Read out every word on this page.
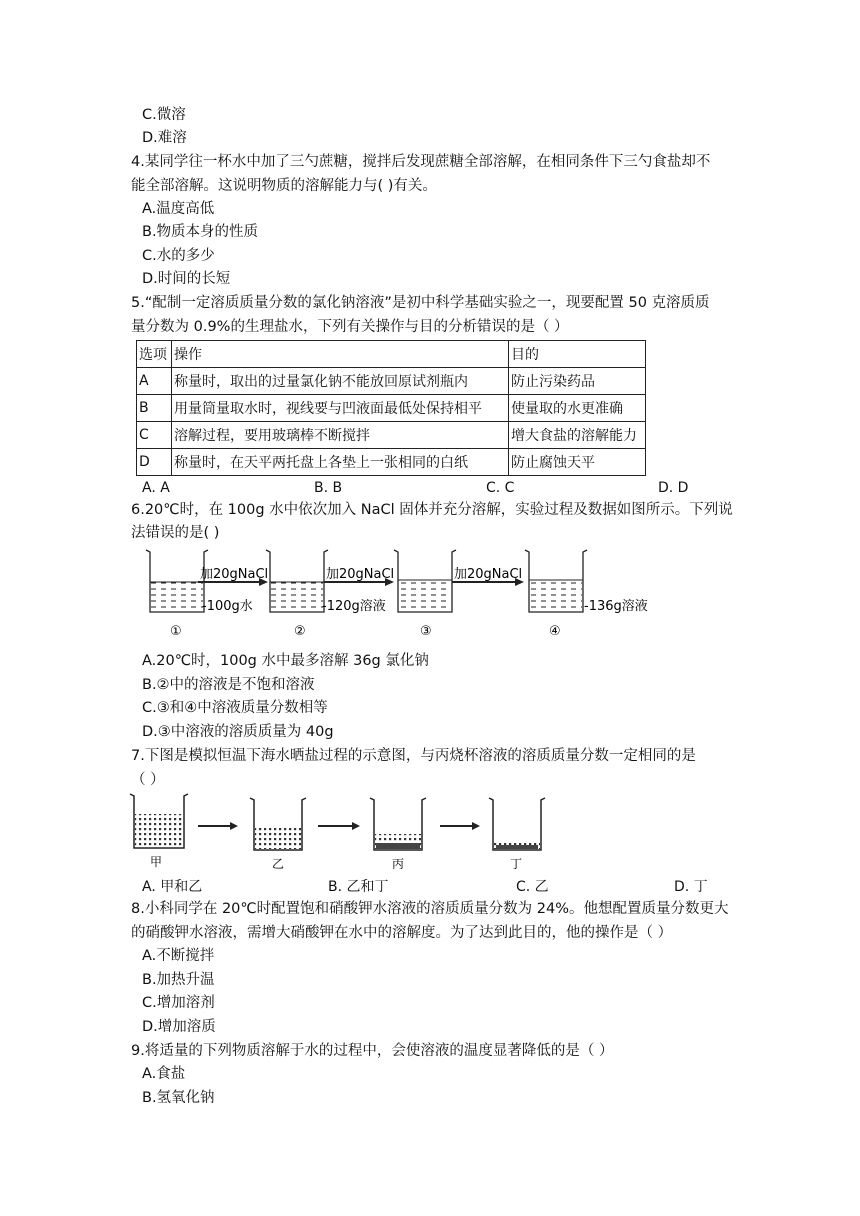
C.微溶
D.难溶
4.某同学往一杯水中加了三勺蔗糖，搅拌后发现蔗糖全部溶解，在相同条件下三勺食盐却不
能全部溶解。这说明物质的溶解能力与( )有关。
A.温度高低
B.物质本身的性质
C.水的多少
D.时间的长短
5.“配制一定溶质质量分数的氯化钠溶液”是初中科学基础实验之一，现要配置 50 克溶质质
量分数为 0.9%的生理盐水，下列有关操作与目的分析错误的是（ ）
选项	操作	目的
A	称量时，取出的过量氯化钠不能放回原试剂瓶内	防止污染药品
B	用量筒量取水时，视线要与凹液面最低处保持相平	使量取的水更准确
C	溶解过程，要用玻璃棒不断搅拌	增大食盐的溶解能力
D	称量时，在天平两托盘上各垫上一张相同的白纸	防止腐蚀天平
A. A	B. B	C. C	D. D
6.20℃时，在 100g 水中依次加入 NaCl 固体并充分溶解，实验过程及数据如图所示。下列说
法错误的是( )
加20gNaCl	加20gNaCl	加20gNaCl
-100g水	-120g溶液	-136g溶液
①	②	③	④
A.20℃时，100g 水中最多溶解 36g 氯化钠
B.②中的溶液是不饱和溶液
C.③和④中溶液质量分数相等
D.③中溶液的溶质质量为 40g
7.下图是模拟恒温下海水晒盐过程的示意图，与丙烧杯溶液的溶质质量分数一定相同的是
（ ）
甲	乙	丙	丁
A. 甲和乙	B. 乙和丁	C. 乙	D. 丁
8.小科同学在 20℃时配置饱和硝酸钾水溶液的溶质质量分数为 24%。他想配置质量分数更大
的硝酸钾水溶液，需增大硝酸钾在水中的溶解度。为了达到此目的，他的操作是（ ）
A.不断搅拌
B.加热升温
C.增加溶剂
D.增加溶质
9.将适量的下列物质溶解于水的过程中，会使溶液的温度显著降低的是（ ）
A.食盐
B.氢氧化钠
